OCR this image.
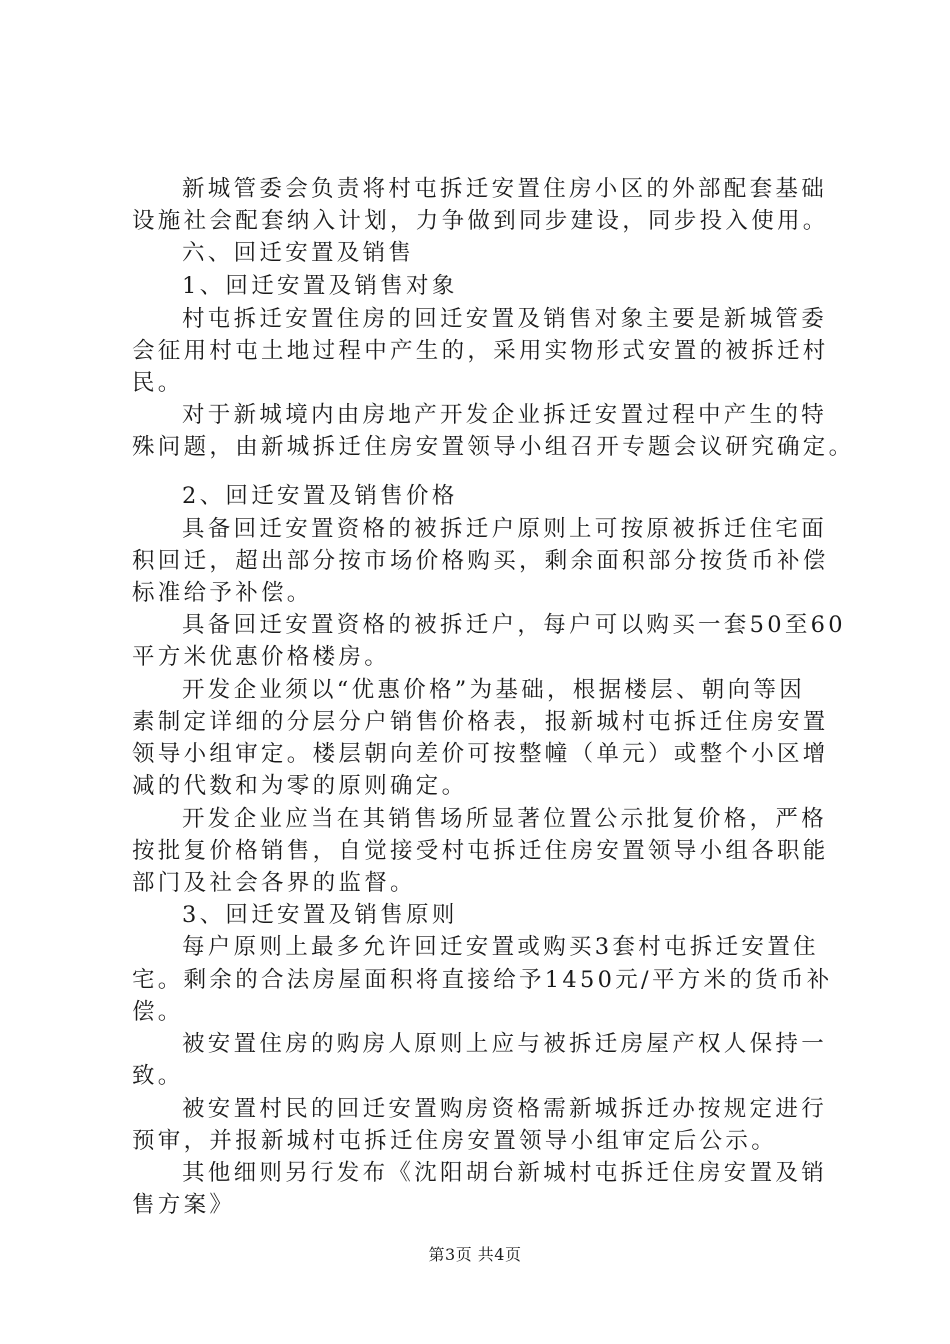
新城管委会负责将村屯拆迁安置住房小区的外部配套基础
设施社会配套纳入计划，力争做到同步建设，同步投入使用。
六、回迁安置及销售
1、回迁安置及销售对象
村屯拆迁安置住房的回迁安置及销售对象主要是新城管委
会征用村屯土地过程中产生的，采用实物形式安置的被拆迁村
民。
对于新城境内由房地产开发企业拆迁安置过程中产生的特
殊问题，由新城拆迁住房安置领导小组召开专题会议研究确定。
2、回迁安置及销售价格
具备回迁安置资格的被拆迁户原则上可按原被拆迁住宅面
积回迁，超出部分按市场价格购买，剩余面积部分按货币补偿
标准给予补偿。
具备回迁安置资格的被拆迁户，每户可以购买一套50至60
平方米优惠价格楼房。
开发企业须以“优惠价格”为基础，根据楼层、朝向等因
素制定详细的分层分户销售价格表，报新城村屯拆迁住房安置
领导小组审定。楼层朝向差价可按整幢（单元）或整个小区增
减的代数和为零的原则确定。
开发企业应当在其销售场所显著位置公示批复价格，严格
按批复价格销售，自觉接受村屯拆迁住房安置领导小组各职能
部门及社会各界的监督。
3、回迁安置及销售原则
每户原则上最多允许回迁安置或购买3套村屯拆迁安置住
宅。剩余的合法房屋面积将直接给予1450元/平方米的货币补
偿。
被安置住房的购房人原则上应与被拆迁房屋产权人保持一
致。
被安置村民的回迁安置购房资格需新城拆迁办按规定进行
预审，并报新城村屯拆迁住房安置领导小组审定后公示。
其他细则另行发布《沈阳胡台新城村屯拆迁住房安置及销
售方案》
第3页 共4页
